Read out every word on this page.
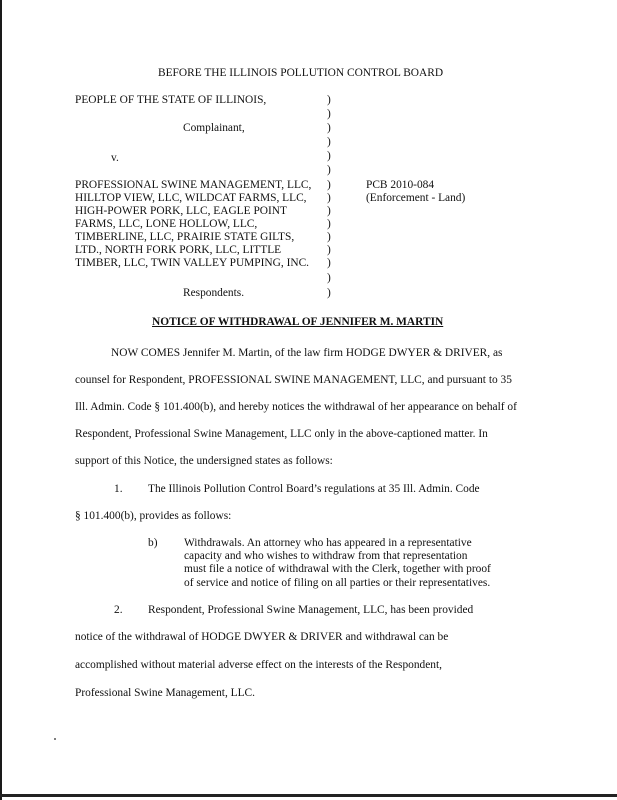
BEFORE THE ILLINOIS POLLUTION CONTROL BOARD
PEOPLE OF THE STATE OF ILLINOIS,
Complainant,
v.
PROFESSIONAL SWINE MANAGEMENT, LLC,
HILLTOP VIEW, LLC, WILDCAT FARMS, LLC,
HIGH-POWER PORK, LLC, EAGLE POINT
FARMS, LLC, LONE HOLLOW, LLC,
TIMBERLINE, LLC, PRAIRIE STATE GILTS,
LTD., NORTH FORK PORK, LLC, LITTLE
TIMBER, LLC, TWIN VALLEY PUMPING, INC.
Respondents.
)
)
)
)
)
)
)
)
)
)
)
)
)
)
)
PCB 2010-084
(Enforcement - Land)
NOTICE OF WITHDRAWAL OF JENNIFER M. MARTIN
NOW COMES Jennifer M. Martin, of the law firm HODGE DWYER & DRIVER, as
counsel for Respondent, PROFESSIONAL SWINE MANAGEMENT, LLC, and pursuant to 35
Ill. Admin. Code § 101.400(b), and hereby notices the withdrawal of her appearance on behalf of
Respondent, Professional Swine Management, LLC only in the above-captioned matter. In
support of this Notice, the undersigned states as follows:
1. The Illinois Pollution Control Board’s regulations at 35 Ill. Admin. Code
§ 101.400(b), provides as follows:
b) Withdrawals. An attorney who has appeared in a representative
capacity and who wishes to withdraw from that representation
must file a notice of withdrawal with the Clerk, together with proof
of service and notice of filing on all parties or their representatives.
2. Respondent, Professional Swine Management, LLC, has been provided
notice of the withdrawal of HODGE DWYER & DRIVER and withdrawal can be
accomplished without material adverse effect on the interests of the Respondent,
Professional Swine Management, LLC.
